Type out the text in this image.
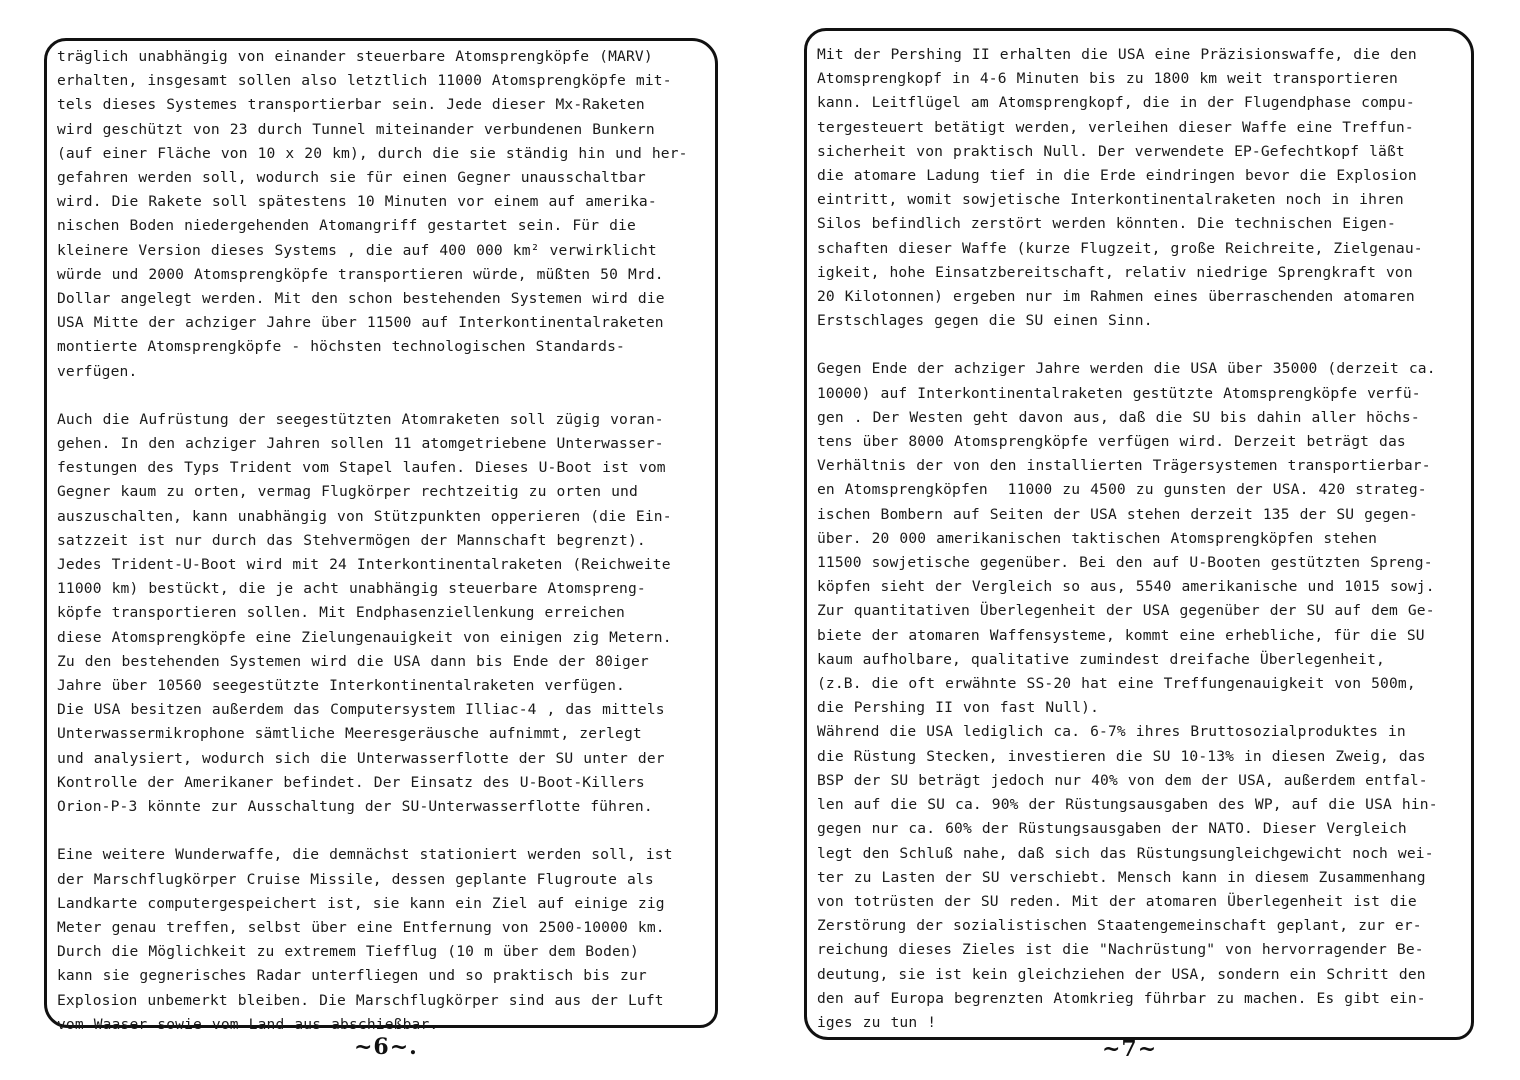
träglich unabhängig von einander steuerbare Atomsprengköpfe (MARV)
erhalten, insgesamt sollen also letztlich 11000 Atomsprengköpfe mit-
tels dieses Systemes transportierbar sein. Jede dieser Mx-Raketen
wird geschützt von 23 durch Tunnel miteinander verbundenen Bunkern
(auf einer Fläche von 10 x 20 km), durch die sie ständig hin und her-
gefahren werden soll, wodurch sie für einen Gegner unausschaltbar
wird. Die Rakete soll spätestens 10 Minuten vor einem auf amerika-
nischen Boden niedergehenden Atomangriff gestartet sein. Für die
kleinere Version dieses Systems , die auf 400 000 km² verwirklicht
würde und 2000 Atomsprengköpfe transportieren würde, müßten 50 Mrd.
Dollar angelegt werden. Mit den schon bestehenden Systemen wird die
USA Mitte der achziger Jahre über 11500 auf Interkontinentalraketen
montierte Atomsprengköpfe - höchsten technologischen Standards-
verfügen.

Auch die Aufrüstung der seegestützten Atomraketen soll zügig voran-
gehen. In den achziger Jahren sollen 11 atomgetriebene Unterwasser-
festungen des Typs Trident vom Stapel laufen. Dieses U-Boot ist vom
Gegner kaum zu orten, vermag Flugkörper rechtzeitig zu orten und
auszuschalten, kann unabhängig von Stützpunkten opperieren (die Ein-
satzzeit ist nur durch das Stehvermögen der Mannschaft begrenzt).
Jedes Trident-U-Boot wird mit 24 Interkontinentalraketen (Reichweite
11000 km) bestückt, die je acht unabhängig steuerbare Atomspreng-
köpfe transportieren sollen. Mit Endphasenziellenkung erreichen
diese Atomsprengköpfe eine Zielungenauigkeit von einigen zig Metern.
Zu den bestehenden Systemen wird die USA dann bis Ende der 80iger
Jahre über 10560 seegestützte Interkontinentalraketen verfügen.
Die USA besitzen außerdem das Computersystem Illiac-4 , das mittels
Unterwassermikrophone sämtliche Meeresgeräusche aufnimmt, zerlegt
und analysiert, wodurch sich die Unterwasserflotte der SU unter der
Kontrolle der Amerikaner befindet. Der Einsatz des U-Boot-Killers
Orion-P-3 könnte zur Ausschaltung der SU-Unterwasserflotte führen.

Eine weitere Wunderwaffe, die demnächst stationiert werden soll, ist
der Marschflugkörper Cruise Missile, dessen geplante Flugroute als
Landkarte computergespeichert ist, sie kann ein Ziel auf einige zig
Meter genau treffen, selbst über eine Entfernung von 2500-10000 km.
Durch die Möglichkeit zu extremem Tiefflug (10 m über dem Boden)
kann sie gegnerisches Radar unterfliegen und so praktisch bis zur
Explosion unbemerkt bleiben. Die Marschflugkörper sind aus der Luft
vom Waaser sowie vom Land aus abschießbar.

~6~.

Mit der Pershing II erhalten die USA eine Präzisionswaffe, die den
Atomsprengkopf in 4-6 Minuten bis zu 1800 km weit transportieren
kann. Leitflügel am Atomsprengkopf, die in der Flugendphase compu-
tergesteuert betätigt werden, verleihen dieser Waffe eine Treffun-
sicherheit von praktisch Null. Der verwendete EP-Gefechtkopf läßt
die atomare Ladung tief in die Erde eindringen bevor die Explosion
eintritt, womit sowjetische Interkontinentalraketen noch in ihren
Silos befindlich zerstört werden könnten. Die technischen Eigen-
schaften dieser Waffe (kurze Flugzeit, große Reichreite, Zielgenau-
igkeit, hohe Einsatzbereitschaft, relativ niedrige Sprengkraft von
20 Kilotonnen) ergeben nur im Rahmen eines überraschenden atomaren
Erstschlages gegen die SU einen Sinn.

Gegen Ende der achziger Jahre werden die USA über 35000 (derzeit ca.
10000) auf Interkontinentalraketen gestützte Atomsprengköpfe verfü-
gen . Der Westen geht davon aus, daß die SU bis dahin aller höchs-
tens über 8000 Atomsprengköpfe verfügen wird. Derzeit beträgt das
Verhältnis der von den installierten Trägersystemen transportierbar-
en Atomsprengköpfen  11000 zu 4500 zu gunsten der USA. 420 strateg-
ischen Bombern auf Seiten der USA stehen derzeit 135 der SU gegen-
über. 20 000 amerikanischen taktischen Atomsprengköpfen stehen
11500 sowjetische gegenüber. Bei den auf U-Booten gestützten Spreng-
köpfen sieht der Vergleich so aus, 5540 amerikanische und 1015 sowj.
Zur quantitativen Überlegenheit der USA gegenüber der SU auf dem Ge-
biete der atomaren Waffensysteme, kommt eine erhebliche, für die SU
kaum aufholbare, qualitative zumindest dreifache Überlegenheit,
(z.B. die oft erwähnte SS-20 hat eine Treffungenauigkeit von 500m,
die Pershing II von fast Null).
Während die USA lediglich ca. 6-7% ihres Bruttosozialproduktes in
die Rüstung Stecken, investieren die SU 10-13% in diesen Zweig, das
BSP der SU beträgt jedoch nur 40% von dem der USA, außerdem entfal-
len auf die SU ca. 90% der Rüstungsausgaben des WP, auf die USA hin-
gegen nur ca. 60% der Rüstungsausgaben der NATO. Dieser Vergleich
legt den Schluß nahe, daß sich das Rüstungsungleichgewicht noch wei-
ter zu Lasten der SU verschiebt. Mensch kann in diesem Zusammenhang
von totrüsten der SU reden. Mit der atomaren Überlegenheit ist die
Zerstörung der sozialistischen Staatengemeinschaft geplant, zur er-
reichung dieses Zieles ist die "Nachrüstung" von hervorragender Be-
deutung, sie ist kein gleichziehen der USA, sondern ein Schritt den
den auf Europa begrenzten Atomkrieg führbar zu machen. Es gibt ein-
iges zu tun !

~7~
